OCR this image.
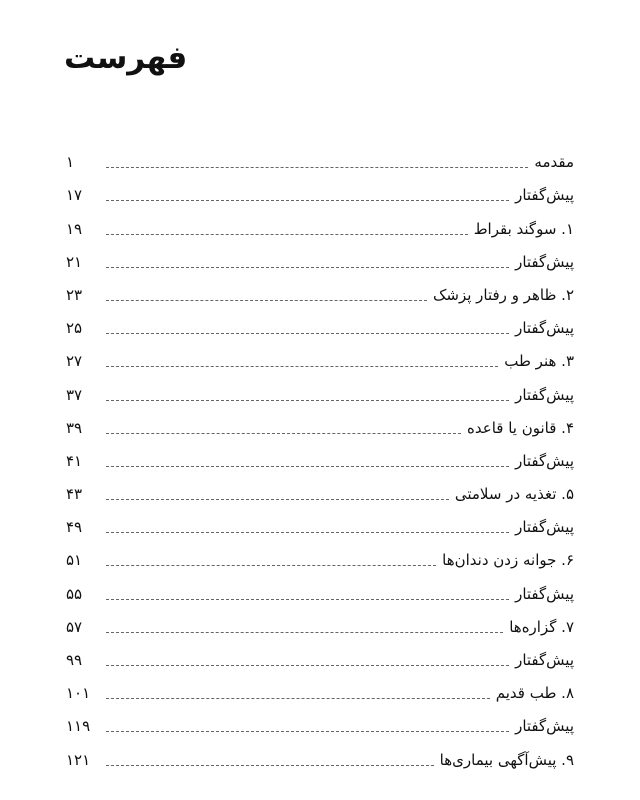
فهرست
مقدمه
۱
پیش‌گفتار
۱۷
۱. سوگند بقراط
۱۹
پیش‌گفتار
۲۱
۲. ظاهر و رفتار پزشک
۲۳
پیش‌گفتار
۲۵
۳. هنر طب
۲۷
پیش‌گفتار
۳۷
۴. قانون یا قاعده
۳۹
پیش‌گفتار
۴۱
۵. تغذیه در سلامتی
۴۳
پیش‌گفتار
۴۹
۶. جوانه زدن دندان‌ها
۵۱
پیش‌گفتار
۵۵
۷. گزاره‌ها
۵۷
پیش‌گفتار
۹۹
۸. طب قدیم
۱۰۱
پیش‌گفتار
۱۱۹
۹. پیش‌آگهی بیماری‌ها
۱۲۱
